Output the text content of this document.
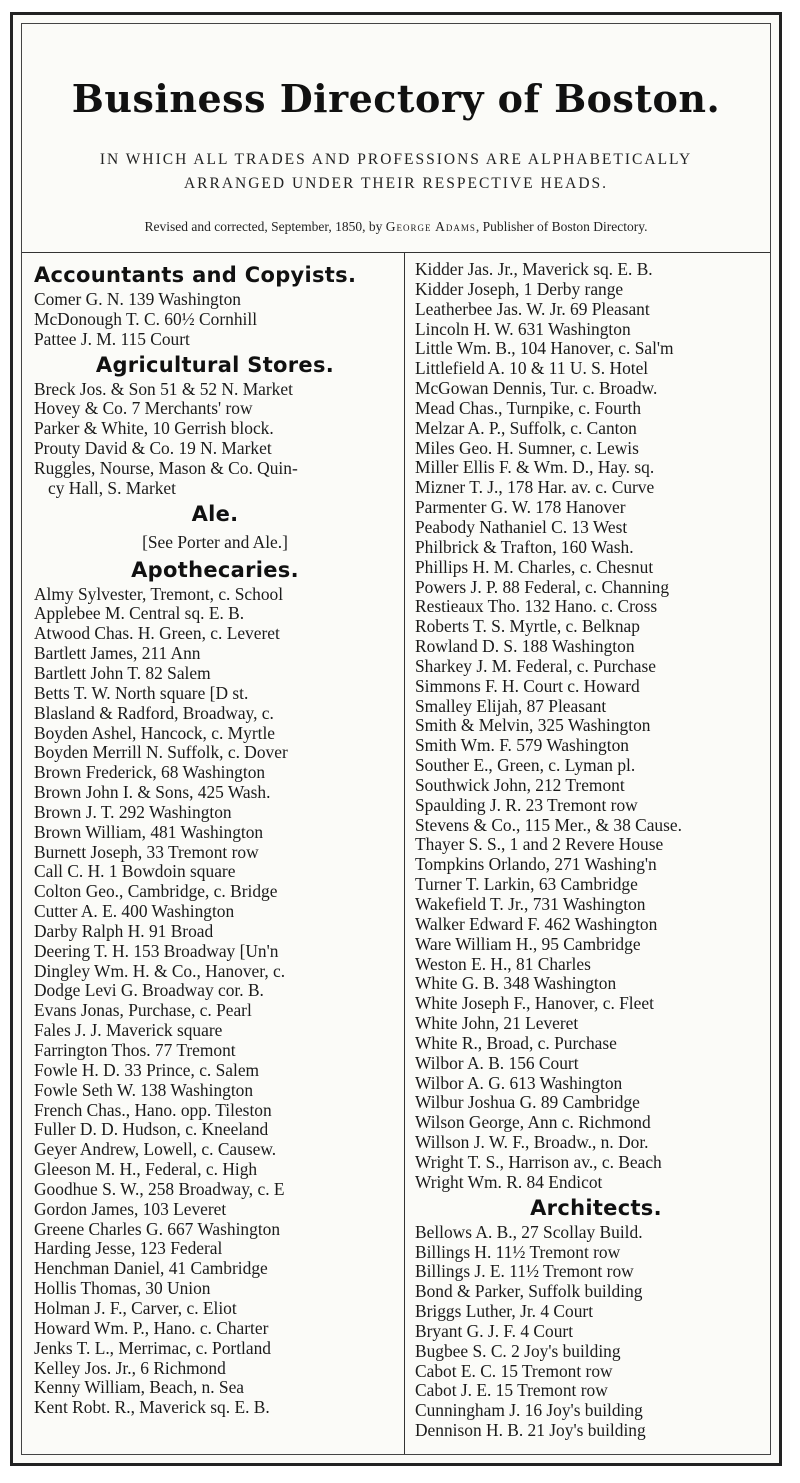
Business Directory of Boston.
IN WHICH ALL TRADES AND PROFESSIONS ARE ALPHABETICALLY
ARRANGED UNDER THEIR RESPECTIVE HEADS.
Revised and corrected, September, 1850, by George Adams, Publisher of Boston Directory.
Accountants and Copyists.
Comer G. N. 139 Washington
McDonough T. C. 60½ Cornhill
Pattee J. M. 115 Court
Agricultural Stores.
Breck Jos. & Son 51 & 52 N. Market
Hovey & Co. 7 Merchants' row
Parker & White, 10 Gerrish block.
Prouty David & Co. 19 N. Market
Ruggles, Nourse, Mason & Co. Quin-
cy Hall, S. Market
Ale.
[See Porter and Ale.]
Apothecaries.
Almy Sylvester, Tremont, c. School
Applebee M. Central sq. E. B.
Atwood Chas. H. Green, c. Leveret
Bartlett James, 211 Ann
Bartlett John T. 82 Salem
Betts T. W. North square [D st.
Blasland & Radford, Broadway, c.
Boyden Ashel, Hancock, c. Myrtle
Boyden Merrill N. Suffolk, c. Dover
Brown Frederick, 68 Washington
Brown John I. & Sons, 425 Wash.
Brown J. T. 292 Washington
Brown William, 481 Washington
Burnett Joseph, 33 Tremont row
Call C. H. 1 Bowdoin square
Colton Geo., Cambridge, c. Bridge
Cutter A. E. 400 Washington
Darby Ralph H. 91 Broad
Deering T. H. 153 Broadway [Un'n
Dingley Wm. H. & Co., Hanover, c.
Dodge Levi G. Broadway cor. B.
Evans Jonas, Purchase, c. Pearl
Fales J. J. Maverick square
Farrington Thos. 77 Tremont
Fowle H. D. 33 Prince, c. Salem
Fowle Seth W. 138 Washington
French Chas., Hano. opp. Tileston
Fuller D. D. Hudson, c. Kneeland
Geyer Andrew, Lowell, c. Causew.
Gleeson M. H., Federal, c. High
Goodhue S. W., 258 Broadway, c. E
Gordon James, 103 Leveret
Greene Charles G. 667 Washington
Harding Jesse, 123 Federal
Henchman Daniel, 41 Cambridge
Hollis Thomas, 30 Union
Holman J. F., Carver, c. Eliot
Howard Wm. P., Hano. c. Charter
Jenks T. L., Merrimac, c. Portland
Kelley Jos. Jr., 6 Richmond
Kenny William, Beach, n. Sea
Kent Robt. R., Maverick sq. E. B.
Kidder Jas. Jr., Maverick sq. E. B.
Kidder Joseph, 1 Derby range
Leatherbee Jas. W. Jr. 69 Pleasant
Lincoln H. W. 631 Washington
Little Wm. B., 104 Hanover, c. Sal'm
Littlefield A. 10 & 11 U. S. Hotel
McGowan Dennis, Tur. c. Broadw.
Mead Chas., Turnpike, c. Fourth
Melzar A. P., Suffolk, c. Canton
Miles Geo. H. Sumner, c. Lewis
Miller Ellis F. & Wm. D., Hay. sq.
Mizner T. J., 178 Har. av. c. Curve
Parmenter G. W. 178 Hanover
Peabody Nathaniel C. 13 West
Philbrick & Trafton, 160 Wash.
Phillips H. M. Charles, c. Chesnut
Powers J. P. 88 Federal, c. Channing
Restieaux Tho. 132 Hano. c. Cross
Roberts T. S. Myrtle, c. Belknap
Rowland D. S. 188 Washington
Sharkey J. M. Federal, c. Purchase
Simmons F. H. Court c. Howard
Smalley Elijah, 87 Pleasant
Smith & Melvin, 325 Washington
Smith Wm. F. 579 Washington
Souther E., Green, c. Lyman pl.
Southwick John, 212 Tremont
Spaulding J. R. 23 Tremont row
Stevens & Co., 115 Mer., & 38 Cause.
Thayer S. S., 1 and 2 Revere House
Tompkins Orlando, 271 Washing'n
Turner T. Larkin, 63 Cambridge
Wakefield T. Jr., 731 Washington
Walker Edward F. 462 Washington
Ware William H., 95 Cambridge
Weston E. H., 81 Charles
White G. B. 348 Washington
White Joseph F., Hanover, c. Fleet
White John, 21 Leveret
White R., Broad, c. Purchase
Wilbor A. B. 156 Court
Wilbor A. G. 613 Washington
Wilbur Joshua G. 89 Cambridge
Wilson George, Ann c. Richmond
Willson J. W. F., Broadw., n. Dor.
Wright T. S., Harrison av., c. Beach
Wright Wm. R. 84 Endicot
Architects.
Bellows A. B., 27 Scollay Build.
Billings H. 11½ Tremont row
Billings J. E. 11½ Tremont row
Bond & Parker, Suffolk building
Briggs Luther, Jr. 4 Court
Bryant G. J. F. 4 Court
Bugbee S. C. 2 Joy's building
Cabot E. C. 15 Tremont row
Cabot J. E. 15 Tremont row
Cunningham J. 16 Joy's building
Dennison H. B. 21 Joy's building
